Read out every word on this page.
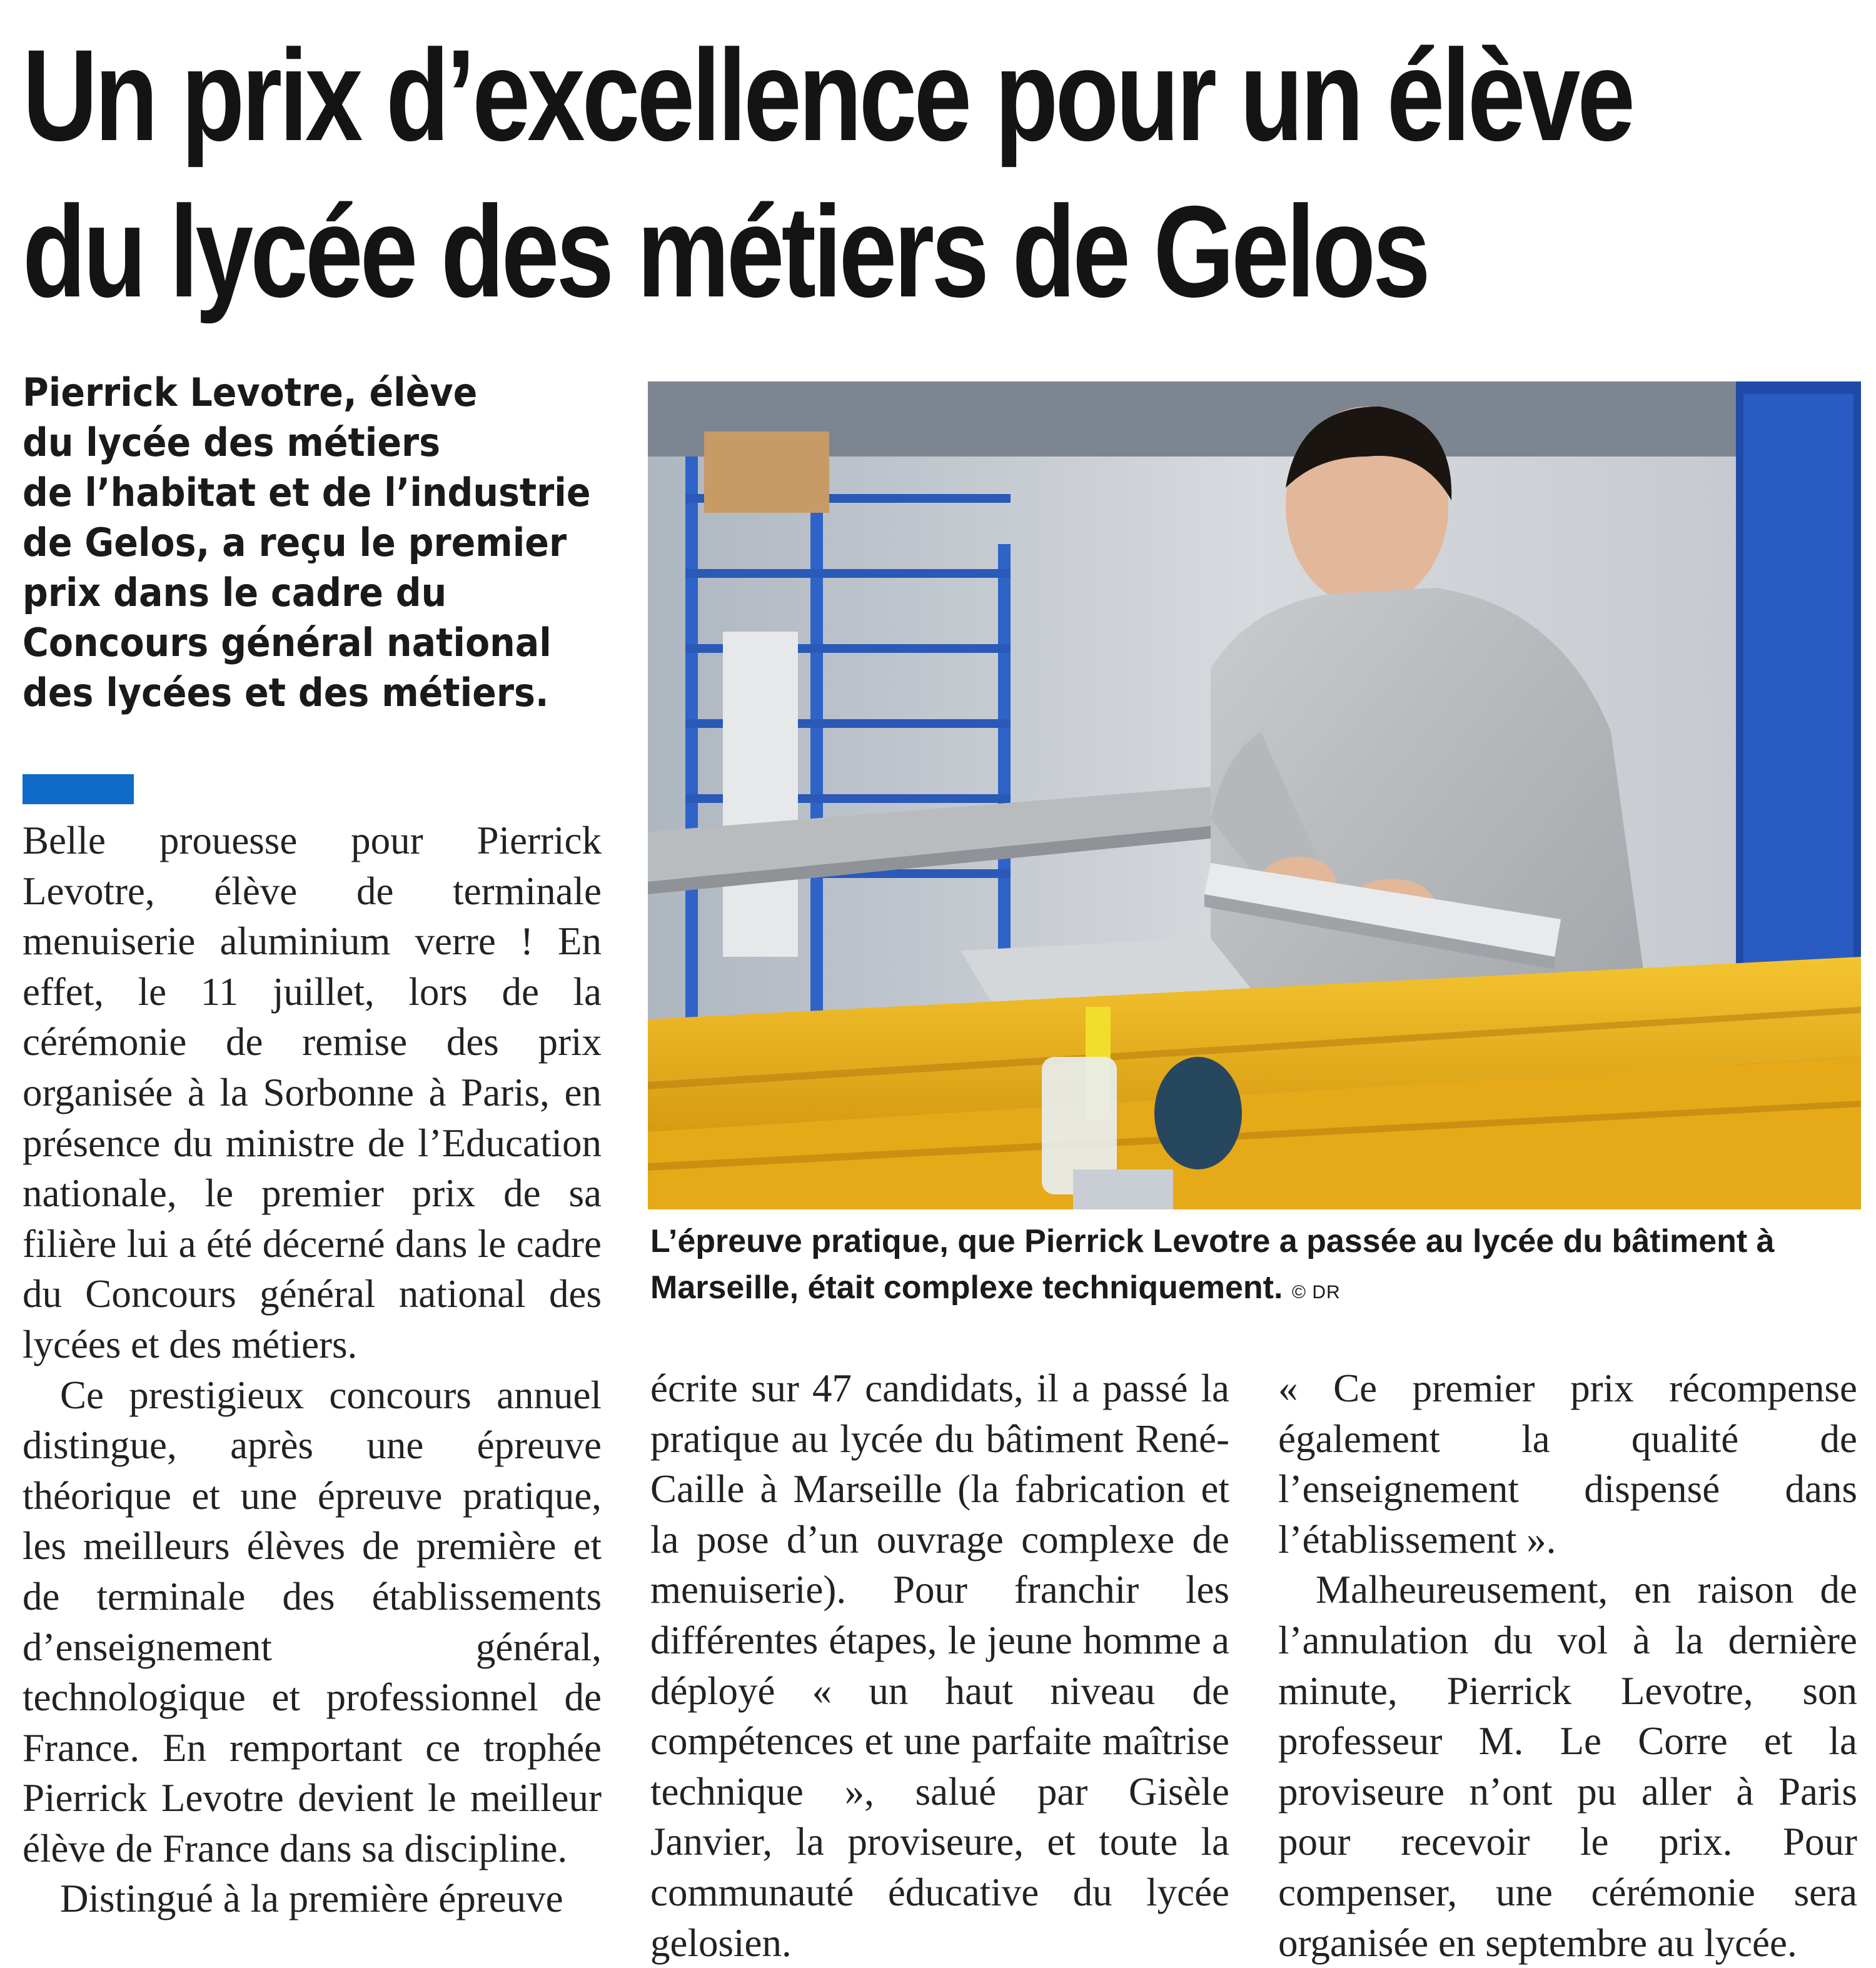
Un prix d’excellence pour un élève
du lycée des métiers de Gelos
Pierrick Levotre, élève
du lycée des métiers
de l’habitat et de l’industrie
de Gelos, a reçu le premier
prix dans le cadre du
Concours général national
des lycées et des métiers.

Belle prouesse pour Pierrick Levotre, élève de terminale menuiserie aluminium verre ! En effet, le 11 juillet, lors de la cérémonie de remise des prix organisée à la Sorbonne à Paris, en présence du ministre de l’Education nationale, le premier prix de sa filière lui a été décerné dans le cadre du Concours général national des lycées et des métiers.

Ce prestigieux concours annuel distingue, après une épreuve théorique et une épreuve pratique, les meilleurs élèves de première et de terminale des établissements d’enseignement général, technologique et professionnel de France. En remportant ce trophée Pierrick Levotre devient le meilleur élève de France dans sa discipline.

Distingué à la première épreuve

L’épreuve pratique, que Pierrick Levotre a passée au lycée du bâtiment à Marseille, était complexe techniquement. © DR

écrite sur 47 candidats, il a passé la pratique au lycée du bâtiment René-Caille à Marseille (la fabrication et la pose d’un ouvrage complexe de menuiserie). Pour franchir les différentes étapes, le jeune homme a déployé « un haut niveau de compétences et une parfaite maîtrise technique », salué par Gisèle Janvier, la proviseure, et toute la communauté éducative du lycée gelosien.

« Ce premier prix récompense également la qualité de l’enseignement dispensé dans l’établissement ».

Malheureusement, en raison de l’annulation du vol à la dernière minute, Pierrick Levotre, son professeur M. Le Corre et la proviseure n’ont pu aller à Paris pour recevoir le prix. Pour compenser, une cérémonie sera organisée en septembre au lycée.
